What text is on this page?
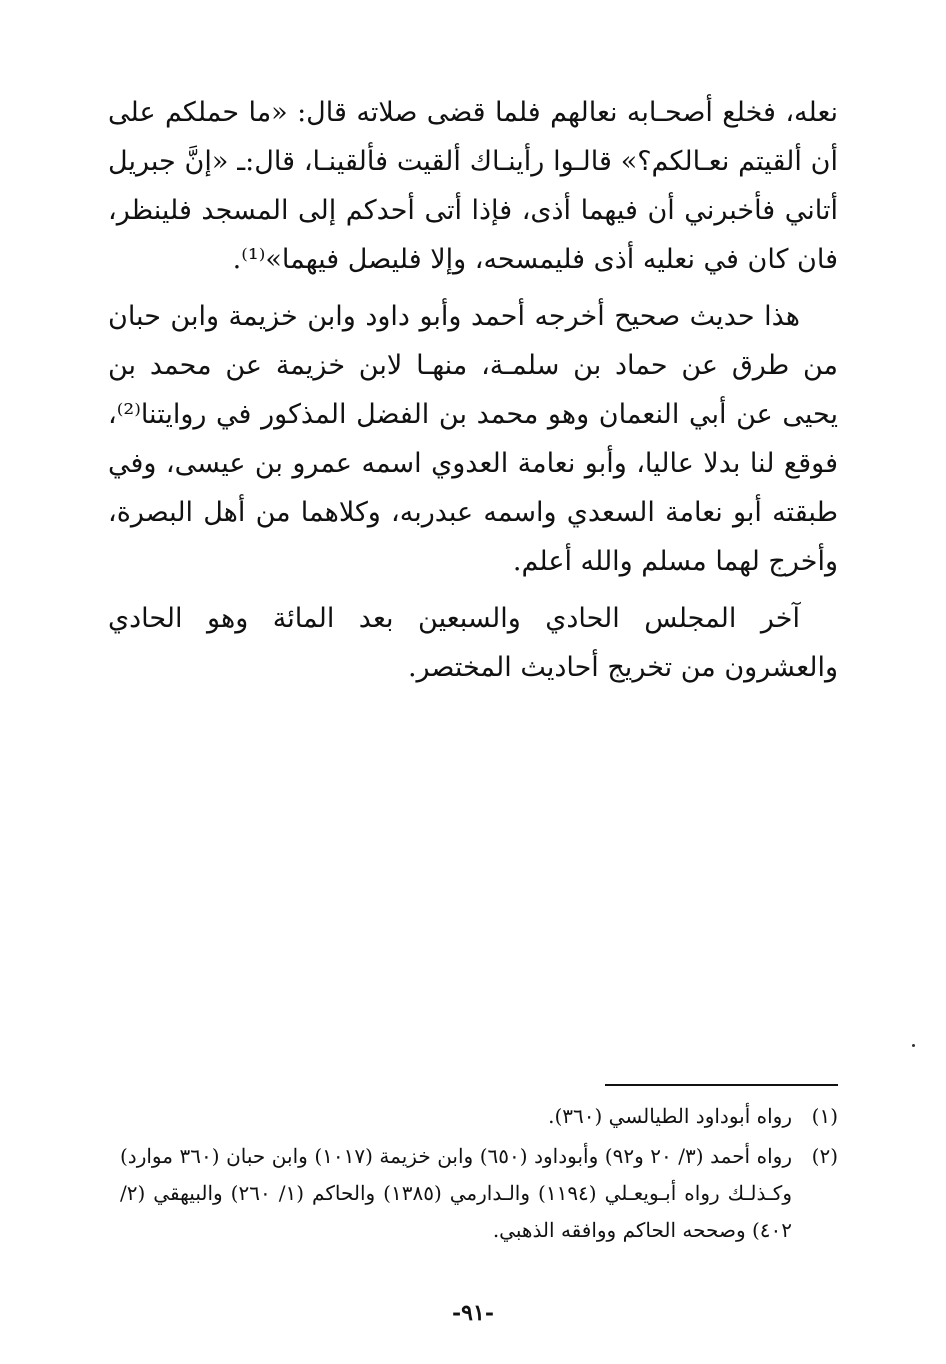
نعله، فخلع أصحـابه نعالهم فلما قضى صلاته قال: «ما حملكم على أن ألقيتم نعـالكم؟» قالـوا رأينـاك ألقيت فألقينـا، قال:ـ «إنَّ جبريل أتاني فأخبرني أن فيهما أذى، فإذا أتى أحدكم إلى المسجد فلينظر، فان كان في نعليه أذى فليمسحه، وإلا فليصل فيهما»⁽¹⁾.

هذا حديث صحيح أخرجه أحمد وأبو داود وابن خزيمة وابن حبان من طرق عن حماد بن سلمـة، منهـا لابن خزيمة عن محمد بن يحيى عن أبي النعمان وهو محمد بن الفضل المذكور في روايتنا⁽²⁾، فوقع لنا بدلا عاليا، وأبو نعامة العدوي اسمه عمرو بن عيسى، وفي طبقته أبو نعامة السعدي واسمه عبدربه، وكلاهما من أهل البصرة، وأخرج لهما مسلم والله أعلم.

آخر المجلس الحادي والسبعين بعد المائة وهو الحادي والعشرون من تخريج أحاديث المختصر.

(١)
رواه أبوداود الطيالسي (٣٦٠).
(٢)
رواه أحمد (٣/ ٢٠ و٩٢) وأبوداود (٦٥٠) وابن خزيمة (١٠١٧) وابن حبان (٣٦٠ موارد) وكـذلـك رواه أبـويعـلي (١١٩٤) والـدارمي (١٣٨٥) والحاكم (١/ ٢٦٠) والبيهقي (٢/ ٤٠٢) وصححه الحاكم ووافقه الذهبي.
-٩١-
